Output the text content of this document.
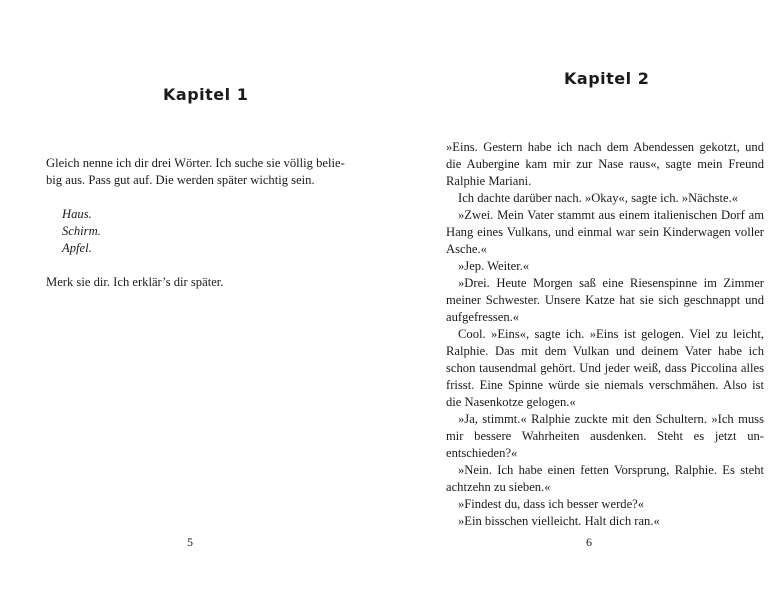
Kapitel 1
Gleich nenne ich dir drei Wörter. Ich suche sie völlig belie-
big aus. Pass gut auf. Die werden später wichtig sein.
Haus.
Schirm.
Apfel.

Merk sie dir. Ich erklär’s dir später.

5
Kapitel 2

»Eins. Gestern habe ich nach dem Abendessen gekotzt, und die Aubergine kam mir zur Nase raus«, sagte mein Freund Ralphie Mariani.

Ich dachte darüber nach. »Okay«, sagte ich. »Nächste.«

»Zwei. Mein Vater stammt aus einem italienischen Dorf am Hang eines Vulkans, und einmal war sein Kinderwagen voller Asche.«

»Jep. Weiter.«

»Drei. Heute Morgen saß eine Riesenspinne im Zimmer meiner Schwester. Unsere Katze hat sie sich geschnappt und aufgefressen.«

Cool. »Eins«, sagte ich. »Eins ist gelogen. Viel zu leicht, Ralphie. Das mit dem Vulkan und deinem Vater habe ich schon tausendmal gehört. Und jeder weiß, dass Piccolina alles frisst. Eine Spinne würde sie niemals verschmähen. Also ist die Nasenkotze gelogen.«

»Ja, stimmt.« Ralphie zuckte mit den Schultern. »Ich muss mir bessere Wahrheiten ausdenken. Steht es jetzt un-entschieden?«

»Nein. Ich habe einen fetten Vorsprung, Ralphie. Es steht achtzehn zu sieben.«

»Findest du, dass ich besser werde?«

»Ein bisschen vielleicht. Halt dich ran.«

6
